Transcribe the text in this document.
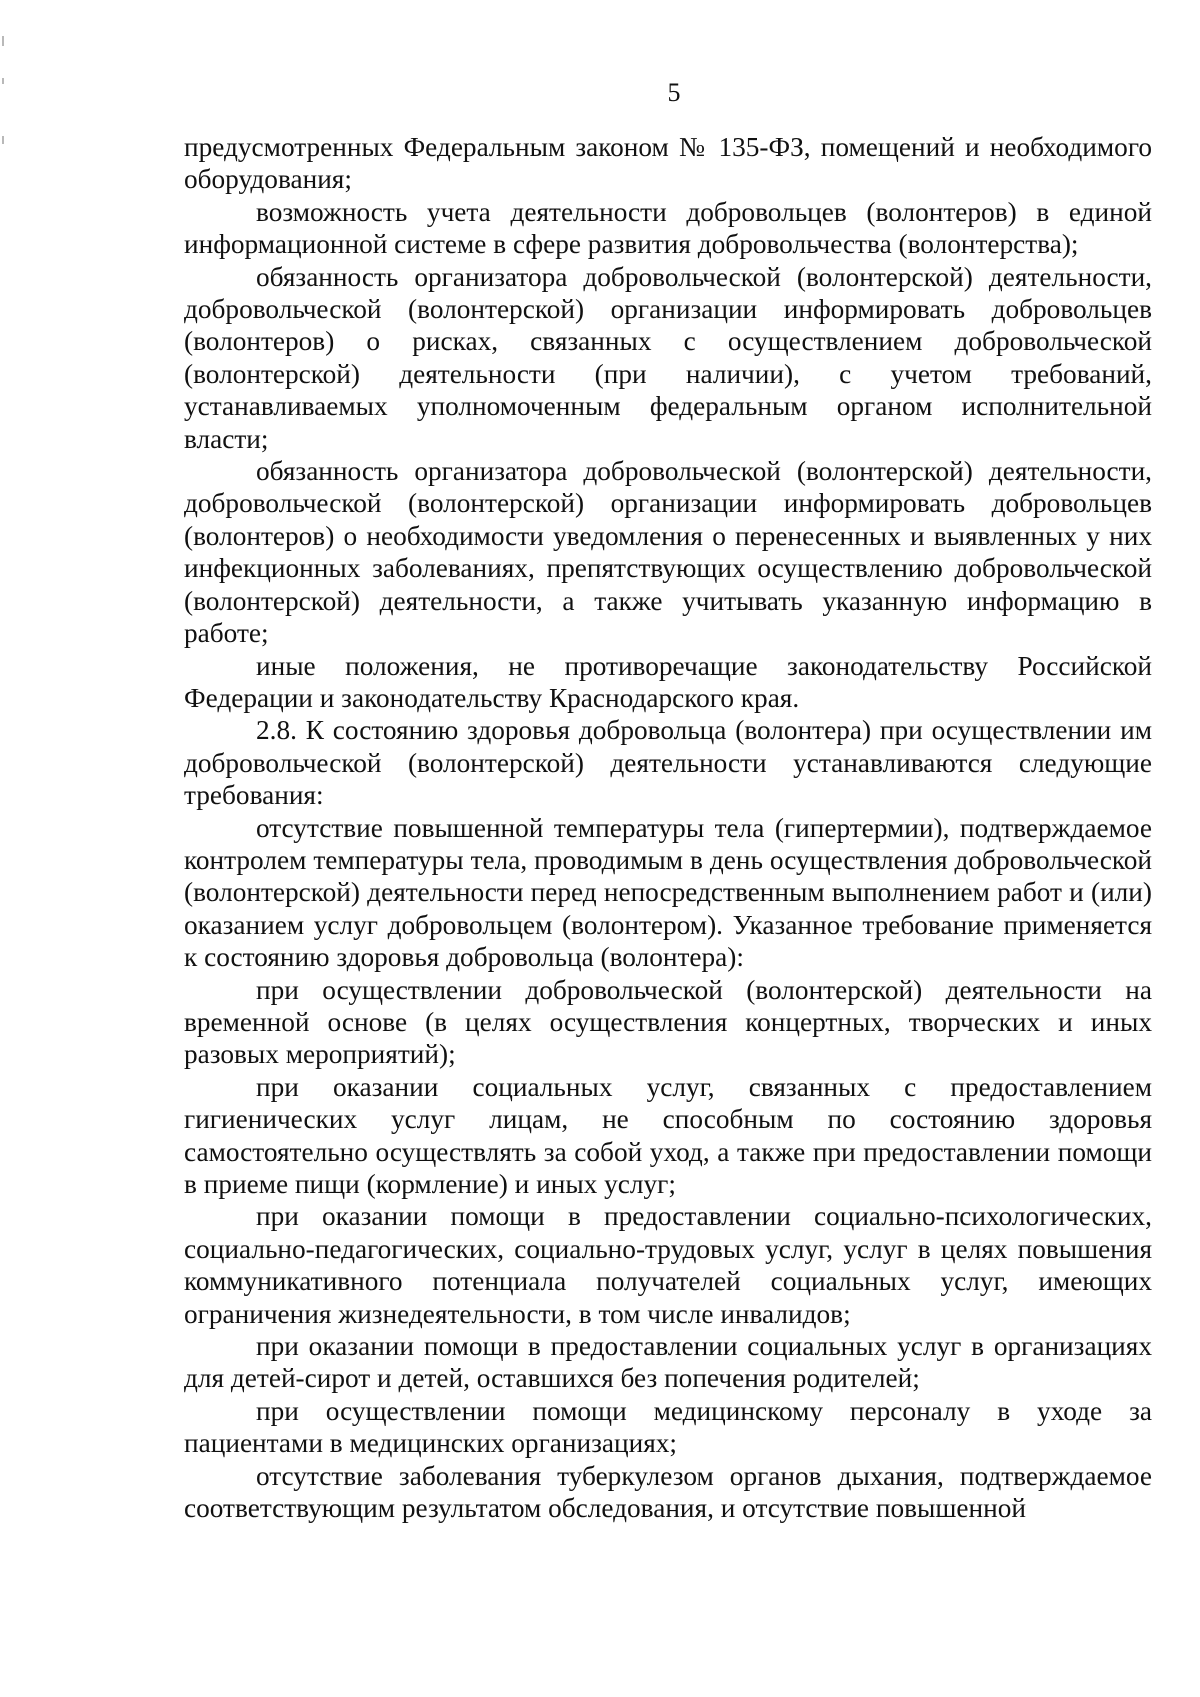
5

предусмотренных Федеральным законом № 135-ФЗ, помещений и необходимого оборудования;

возможность учета деятельности добровольцев (волонтеров) в единой информационной системе в сфере развития добровольчества (волонтерства);

обязанность организатора добровольческой (волонтерской) деятельности, добровольческой (волонтерской) организации информировать добровольцев (волонтеров) о рисках, связанных с осуществлением добровольческой (волонтерской) деятельности (при наличии), с учетом требований, устанавливаемых уполномоченным федеральным органом исполнительной власти;

обязанность организатора добровольческой (волонтерской) деятельности, добровольческой (волонтерской) организации информировать добровольцев (волонтеров) о необходимости уведомления о перенесенных и выявленных у них инфекционных заболеваниях, препятствующих осуществлению добровольческой (волонтерской) деятельности, а также учитывать указанную информацию в работе;

иные положения, не противоречащие законодательству Российской Федерации и законодательству Краснодарского края.

2.8. К состоянию здоровья добровольца (волонтера) при осуществлении им добровольческой (волонтерской) деятельности устанавливаются следующие требования:

отсутствие повышенной температуры тела (гипертермии), подтверждаемое контролем температуры тела, проводимым в день осуществления добровольческой (волонтерской) деятельности перед непосредственным выполнением работ и (или) оказанием услуг добровольцем (волонтером). Указанное требование применяется к состоянию здоровья добровольца (волонтера):

при осуществлении добровольческой (волонтерской) деятельности на временной основе (в целях осуществления концертных, творческих и иных разовых мероприятий);

при оказании социальных услуг, связанных с предоставлением гигиенических услуг лицам, не способным по состоянию здоровья самостоятельно осуществлять за собой уход, а также при предоставлении помощи в приеме пищи (кормление) и иных услуг;

при оказании помощи в предоставлении социально-психологических, социально-педагогических, социально-трудовых услуг, услуг в целях повышения коммуникативного потенциала получателей социальных услуг, имеющих ограничения жизнедеятельности, в том числе инвалидов;

при оказании помощи в предоставлении социальных услуг в организациях для детей-сирот и детей, оставшихся без попечения родителей;

при осуществлении помощи медицинскому персоналу в уходе за пациентами в медицинских организациях;

отсутствие заболевания туберкулезом органов дыхания, подтверждаемое соответствующим результатом обследования, и отсутствие повышенной
